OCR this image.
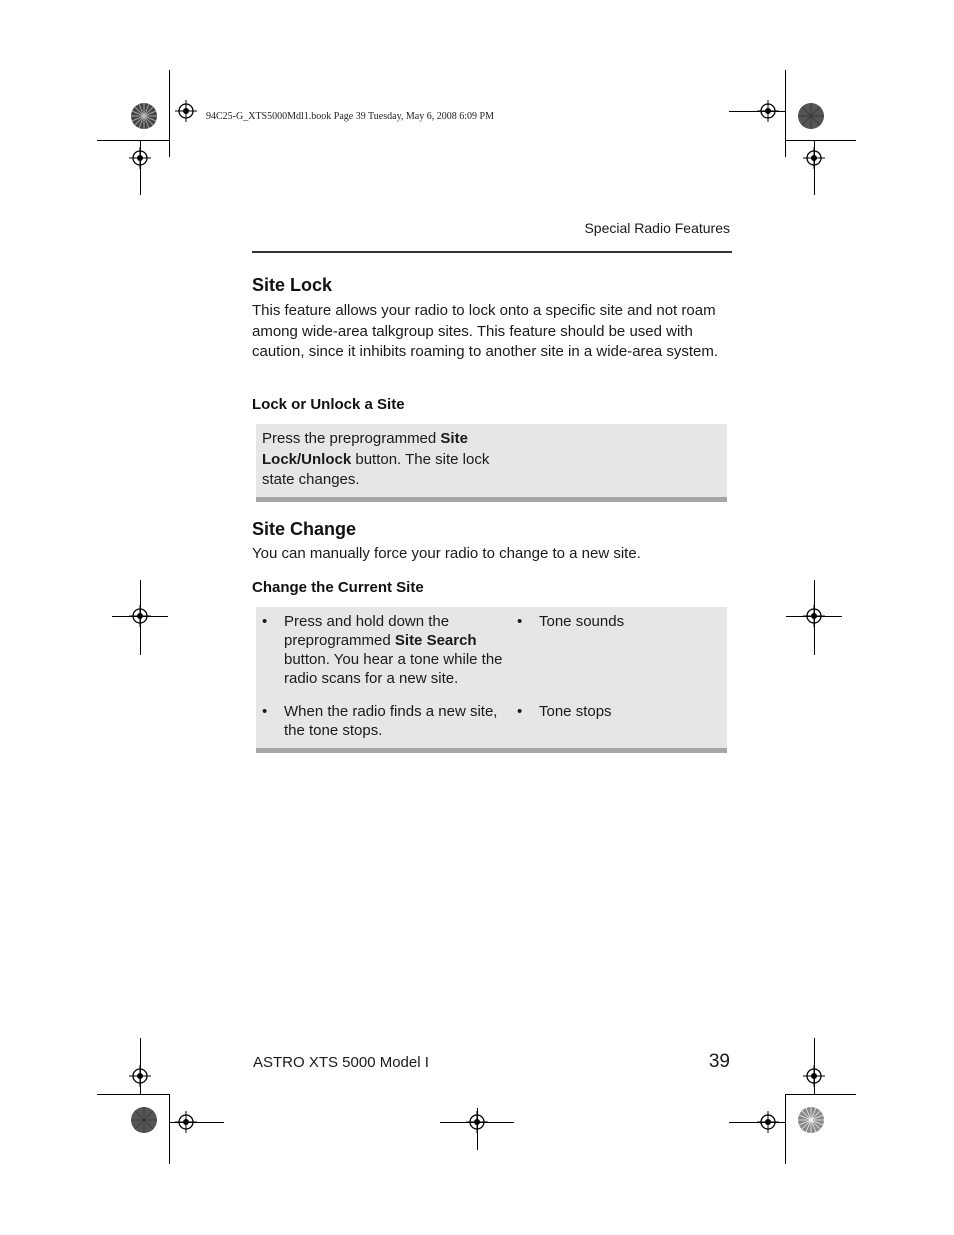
94C25-G_XTS5000Mdl1.book Page 39 Tuesday, May 6, 2008 6:09 PM
Special Radio Features
Site Lock

This feature allows your radio to lock onto a specific site and not roam among wide-area talkgroup sites. This feature should be used with caution, since it inhibits roaming to another site in a wide-area system.

Lock or Unlock a Site
Press the preprogrammed Site Lock/Unlock button. The site lock state changes.
Site Change

You can manually force your radio to change to a new site.

Change the Current Site
• Press and hold down the preprogrammed Site Search button. You hear a tone while the radio scans for a new site.
• Tone sounds
• When the radio finds a new site, the tone stops.
• Tone stops
ASTRO XTS 5000 Model I	39
